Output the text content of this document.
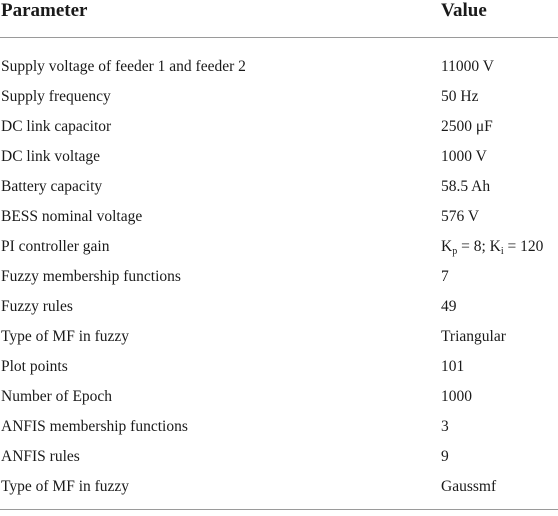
Parameter	Value
Supply voltage of feeder 1 and feeder 2	11000 V
Supply frequency	50 Hz
DC link capacitor	2500 μF
DC link voltage	1000 V
Battery capacity	58.5 Ah
BESS nominal voltage	576 V
PI controller gain	$K_p = 8$; $K_i = 120$
Fuzzy membership functions	7
Fuzzy rules	49
Type of MF in fuzzy	Triangular
Plot points	101
Number of Epoch	1000
ANFIS membership functions	3
ANFIS rules	9
Type of MF in fuzzy	Gaussmf
